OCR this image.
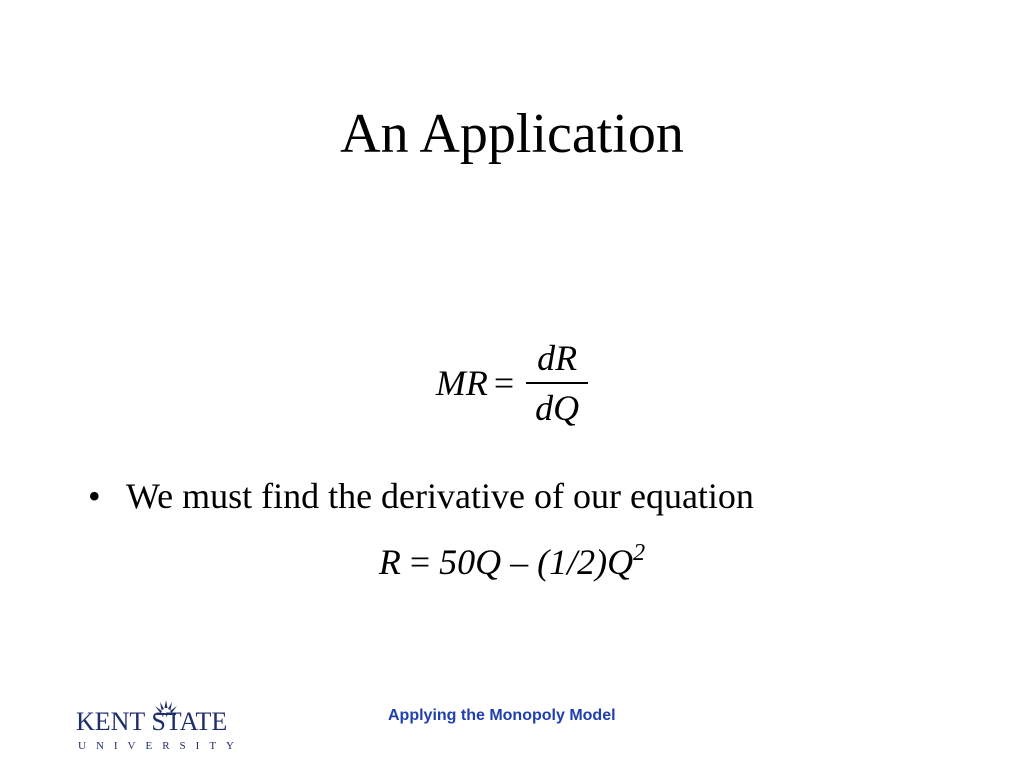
An Application
MR = $\frac{dR}{dQ}$
• We must find the derivative of our equation
$R = 50Q - (1/2)Q^2$
KENT STATE
UNIVERSITY
Applying the Monopoly Model
